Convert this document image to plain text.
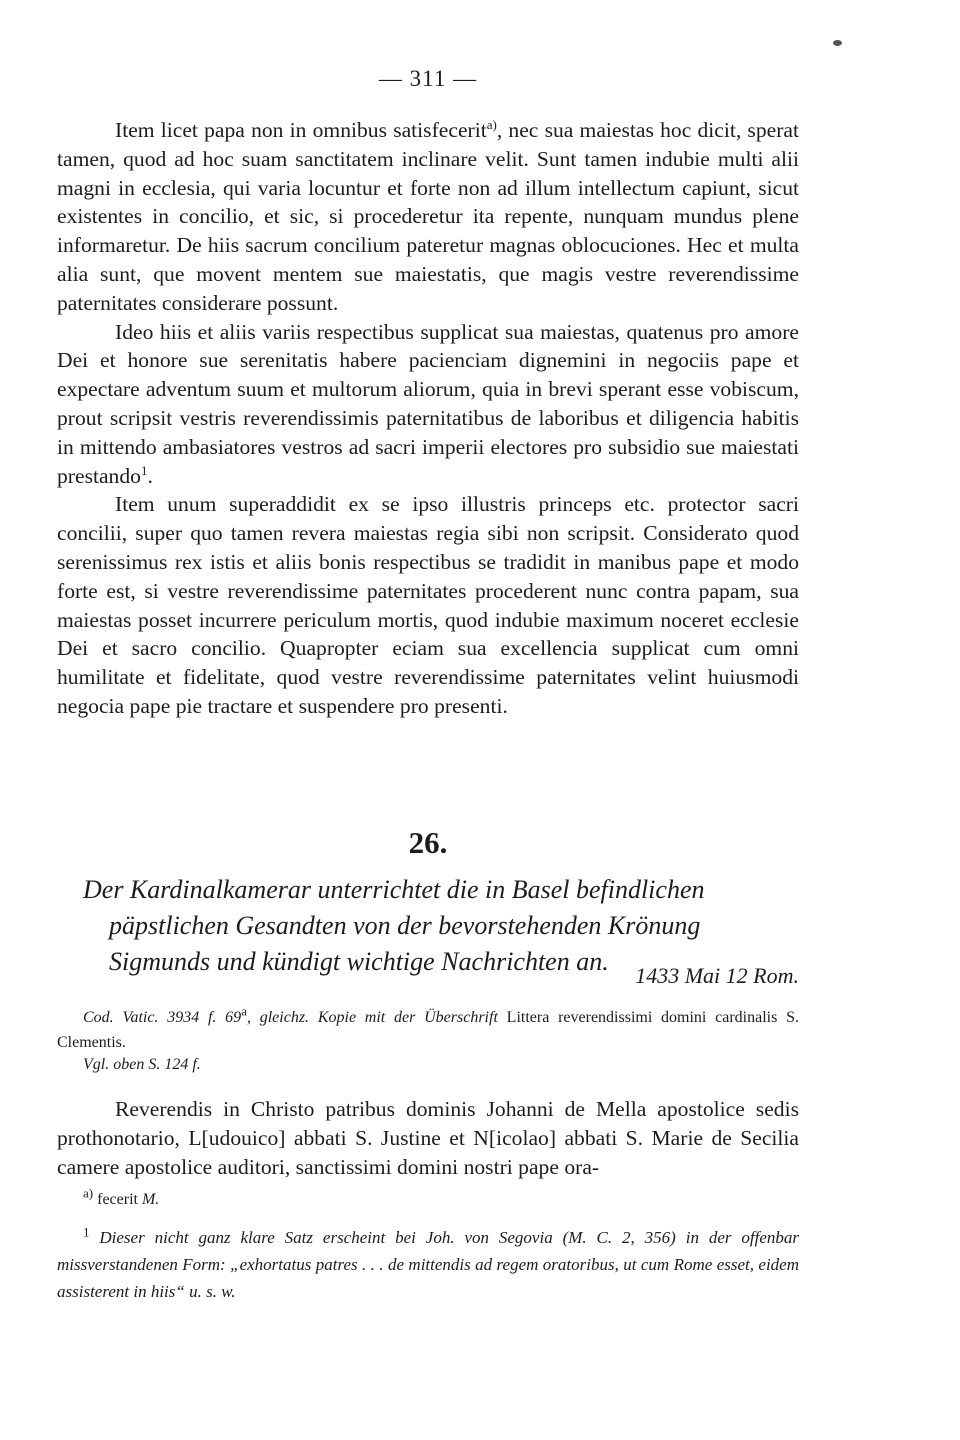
— 311 —

Item licet papa non in omnibus satisfecerit$^{a)}$, nec sua maiestas hoc dicit, sperat tamen, quod ad hoc suam sanctitatem inclinare velit. Sunt tamen indubie multi alii magni in ecclesia, qui varia locuntur et forte non ad illum intellectum capiunt, sicut existentes in concilio, et sic, si procederetur ita repente, nunquam mundus plene informaretur. De hiis sacrum concilium pateretur magnas oblocuciones. Hec et multa alia sunt, que movent mentem sue maiestatis, que magis vestre reverendissime paternitates considerare possunt.

Ideo hiis et aliis variis respectibus supplicat sua maiestas, quatenus pro amore Dei et honore sue serenitatis habere pacienciam dignemini in negociis pape et expectare adventum suum et multorum aliorum, quia in brevi sperant esse vobiscum, prout scripsit vestris reverendissimis paternitatibus de laboribus et diligencia habitis in mittendo ambasiatores vestros ad sacri imperii electores pro subsidio sue maiestati prestando$^1$.

Item unum superaddidit ex se ipso illustris princeps etc. protector sacri concilii, super quo tamen revera maiestas regia sibi non scripsit. Considerato quod serenissimus rex istis et aliis bonis respectibus se tradidit in manibus pape et modo forte est, si vestre reverendissime paternitates procederent nunc contra papam, sua maiestas posset incurrere periculum mortis, quod indubie maximum noceret ecclesie Dei et sacro concilio. Quapropter eciam sua excellencia supplicat cum omni humilitate et fidelitate, quod vestre reverendissime paternitates velint huiusmodi negocia pape pie tractare et suspendere pro presenti.

26.

Der Kardinalkamerar unterrichtet die in Basel befindlichen päpstlichen Gesandten von der bevorstehenden Krönung Sigmunds und kündigt wichtige Nachrichten an.	1433 Mai 12 Rom.

Cod. Vatic. 3934 f. 69$^a$, gleichz. Kopie mit der Überschrift Littera reverendissimi domini cardinalis S. Clementis.

Vgl. oben S. 124 f.

Reverendis in Christo patribus dominis Johanni de Mella apostolice sedis prothonotario, L[udouico] abbati S. Justine et N[icolao] abbati S. Marie de Secilia camere apostolice auditori, sanctissimi domini nostri pape ora-

$^{a)}$ fecerit M.

$^1$ Dieser nicht ganz klare Satz erscheint bei Joh. von Segovia (M. C. 2, 356) in der offenbar missverstandenen Form: „exhortatus patres . . . de mittendis ad regem oratoribus, ut cum Rome esset, eidem assisterent in hiis“ u. s. w.
